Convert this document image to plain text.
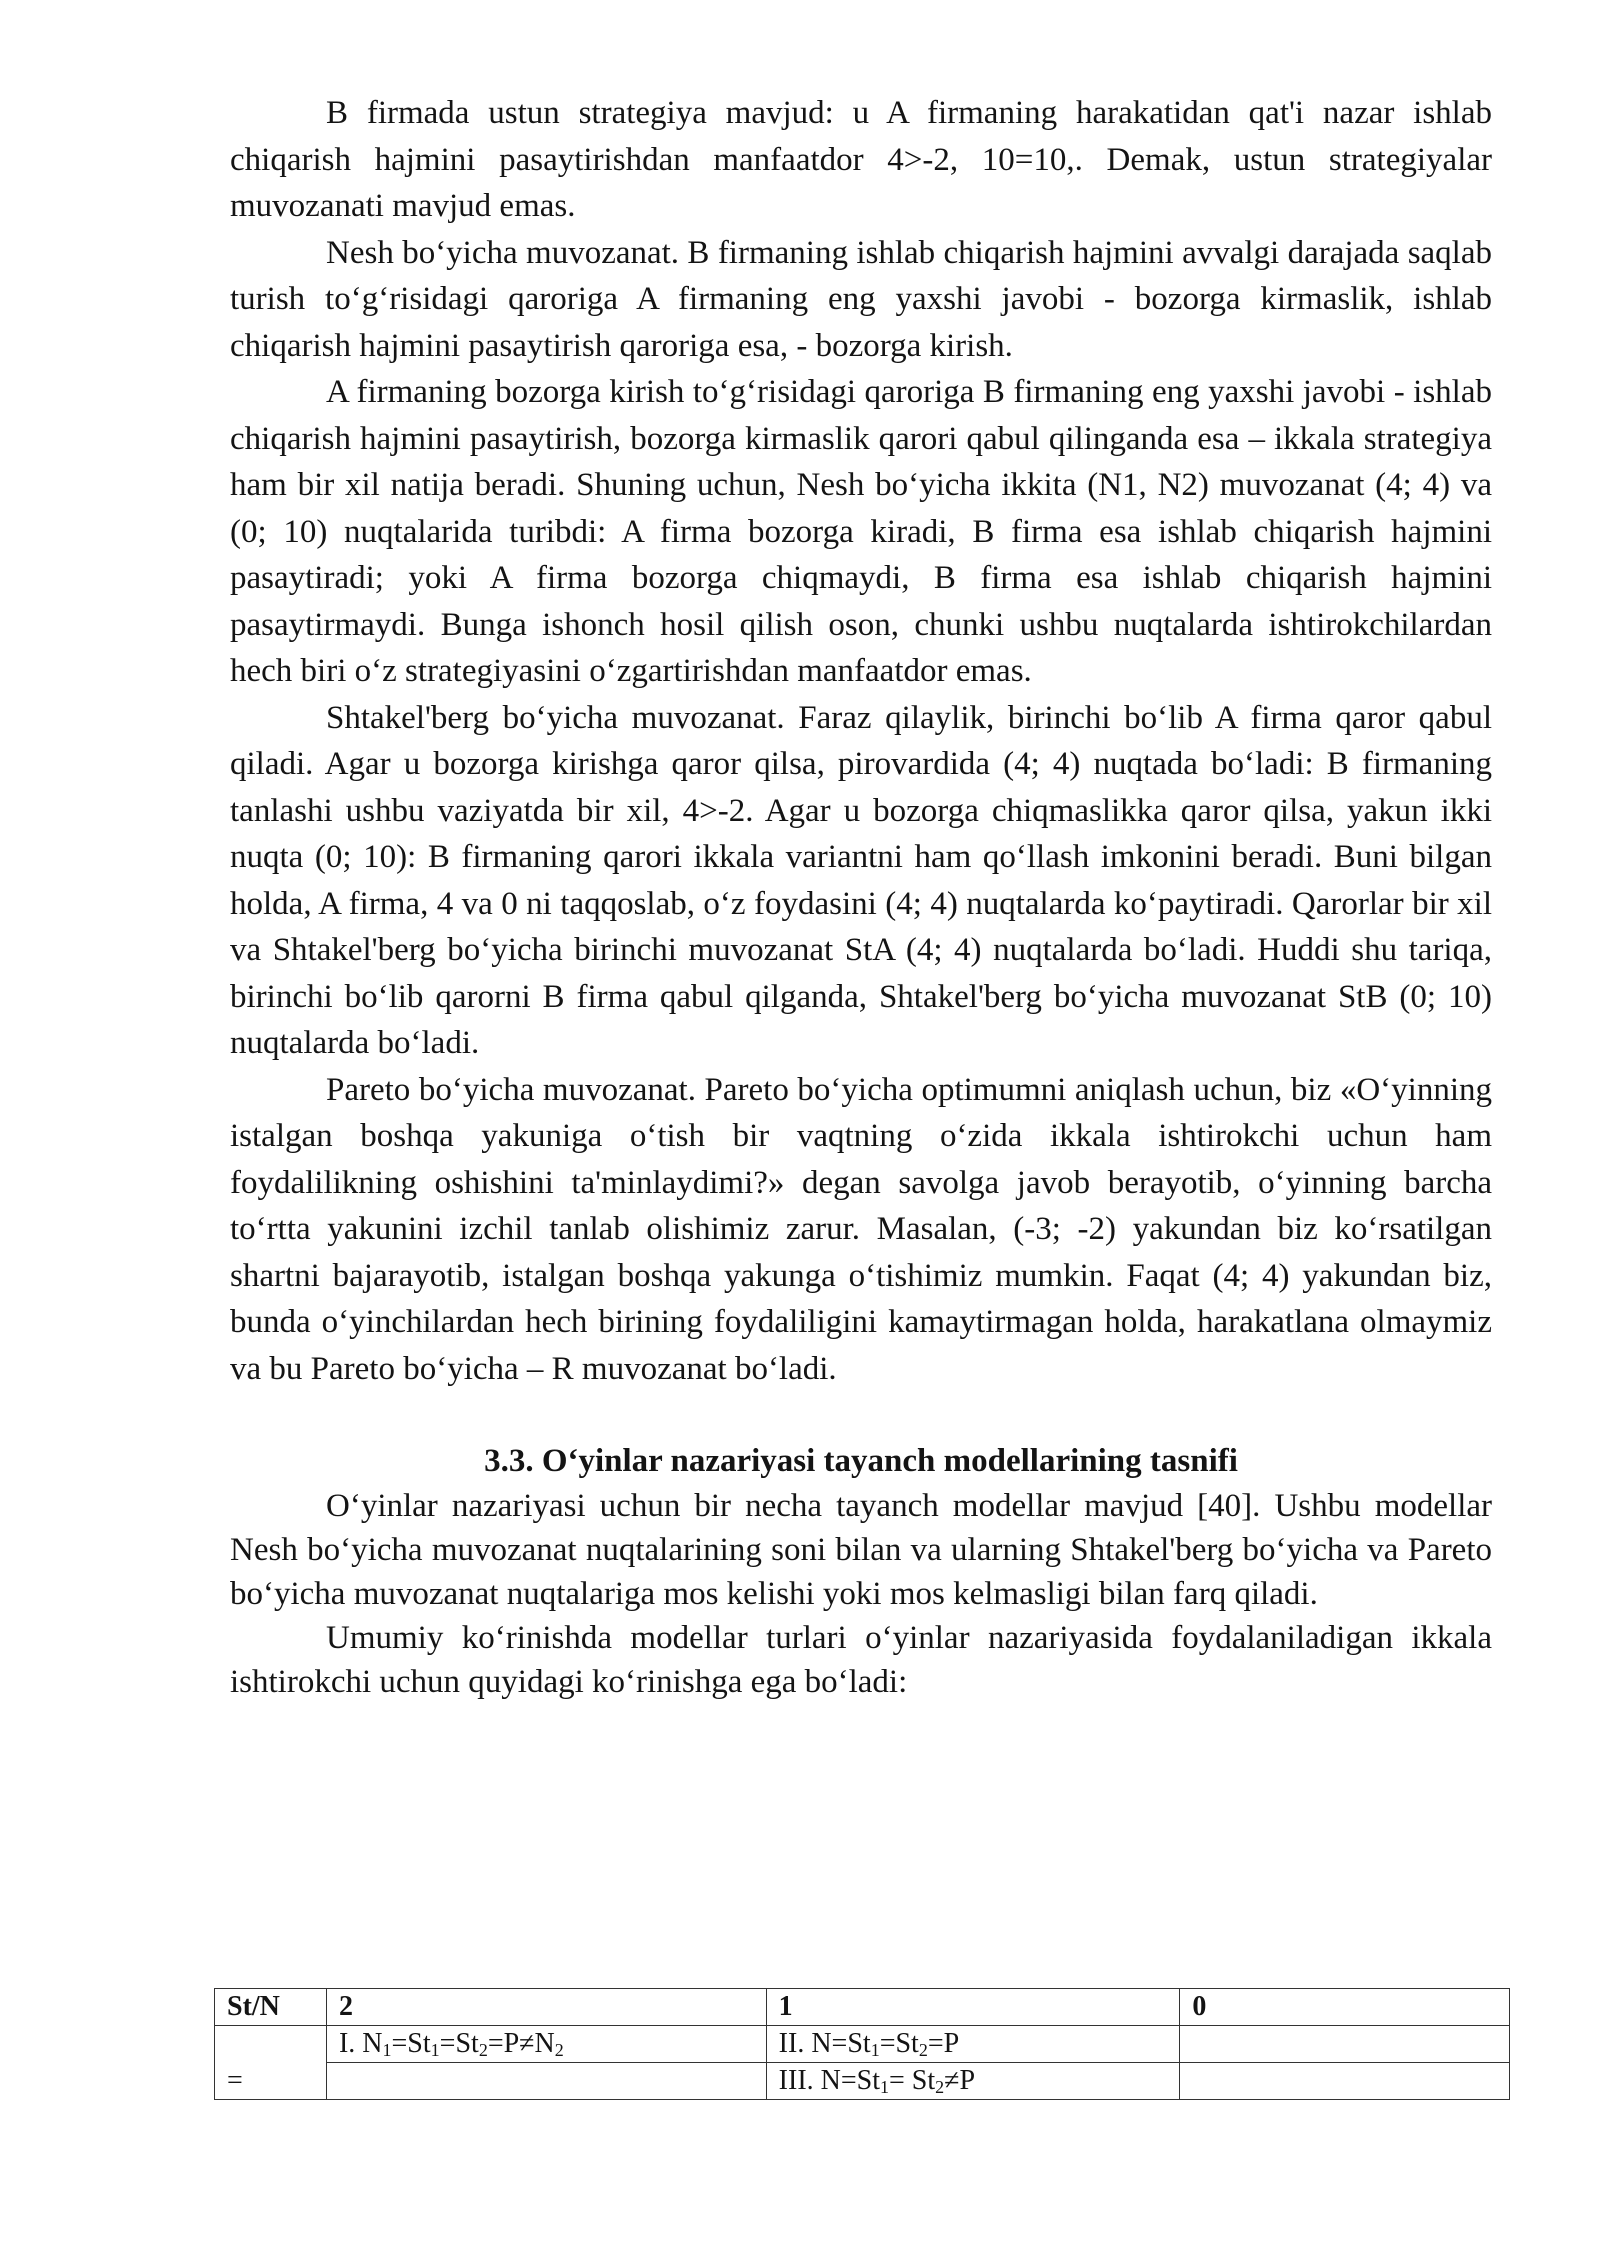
B firmada ustun strategiya mavjud: u A firmaning harakatidan qat'i nazar ishlab chiqarish hajmini pasaytirishdan manfaatdor 4>-2, 10=10,. Demak, ustun strategiyalar muvozanati mavjud emas.

Nesh bo‘yicha muvozanat. B firmaning ishlab chiqarish hajmini avvalgi darajada saqlab turish to‘g‘risidagi qaroriga A firmaning eng yaxshi javobi - bozorga kirmaslik, ishlab chiqarish hajmini pasaytirish qaroriga esa, - bozorga kirish.

A firmaning bozorga kirish to‘g‘risidagi qaroriga B firmaning eng yaxshi javobi - ishlab chiqarish hajmini pasaytirish, bozorga kirmaslik qarori qabul qilinganda esa – ikkala strategiya ham bir xil natija beradi. Shuning uchun, Nesh bo‘yicha ikkita (N1, N2) muvozanat (4; 4) va (0; 10) nuqtalarida turibdi: A firma bozorga kiradi, B firma esa ishlab chiqarish hajmini pasaytiradi; yoki A firma bozorga chiqmaydi, B firma esa ishlab chiqarish hajmini pasaytirmaydi. Bunga ishonch hosil qilish oson, chunki ushbu nuqtalarda ishtirokchilardan hech biri o‘z strategiyasini o‘zgartirishdan manfaatdor emas.

Shtakel'berg bo‘yicha muvozanat. Faraz qilaylik, birinchi bo‘lib A firma qaror qabul qiladi. Agar u bozorga kirishga qaror qilsa, pirovardida (4; 4) nuqtada bo‘ladi: B firmaning tanlashi ushbu vaziyatda bir xil, 4>-2. Agar u bozorga chiqmaslikka qaror qilsa, yakun ikki nuqta (0; 10): B firmaning qarori ikkala variantni ham qo‘llash imkonini beradi. Buni bilgan holda, A firma, 4 va 0 ni taqqoslab, o‘z foydasini (4; 4) nuqtalarda ko‘paytiradi. Qarorlar bir xil va Shtakel'berg bo‘yicha birinchi muvozanat StA (4; 4) nuqtalarda bo‘ladi. Huddi shu tariqa, birinchi bo‘lib qarorni B firma qabul qilganda, Shtakel'berg bo‘yicha muvozanat StB (0; 10) nuqtalarda bo‘ladi.

Pareto bo‘yicha muvozanat. Pareto bo‘yicha optimumni aniqlash uchun, biz «O‘yinning istalgan boshqa yakuniga o‘tish bir vaqtning o‘zida ikkala ishtirokchi uchun ham foydalilikning oshishini ta'minlaydimi?» degan savolga javob berayotib, o‘yinning barcha to‘rtta yakunini izchil tanlab olishimiz zarur. Masalan, (-3; -2) yakundan biz ko‘rsatilgan shartni bajarayotib, istalgan boshqa yakunga o‘tishimiz mumkin. Faqat (4; 4) yakundan biz, bunda o‘yinchilardan hech birining foydaliligini kamaytirmagan holda, harakatlana olmaymiz va bu Pareto bo‘yicha – R muvozanat bo‘ladi.

3.3. O‘yinlar nazariyasi tayanch modellarining tasnifi

O‘yinlar nazariyasi uchun bir necha tayanch modellar mavjud [40]. Ushbu modellar Nesh bo‘yicha muvozanat nuqtalarining soni bilan va ularning Shtakel'berg bo‘yicha va Pareto bo‘yicha muvozanat nuqtalariga mos kelishi yoki mos kelmasligi bilan farq qiladi.

Umumiy ko‘rinishda modellar turlari o‘yinlar nazariyasida foydalaniladigan ikkala ishtirokchi uchun quyidagi ko‘rinishga ega bo‘ladi:

St/N	2	1	0
=	I. $N_1=St_1=St_2=P\ne N_2$	II. $N=St_1=St_2=P$	
		III. $N=St_1= St_2\ne P$	
